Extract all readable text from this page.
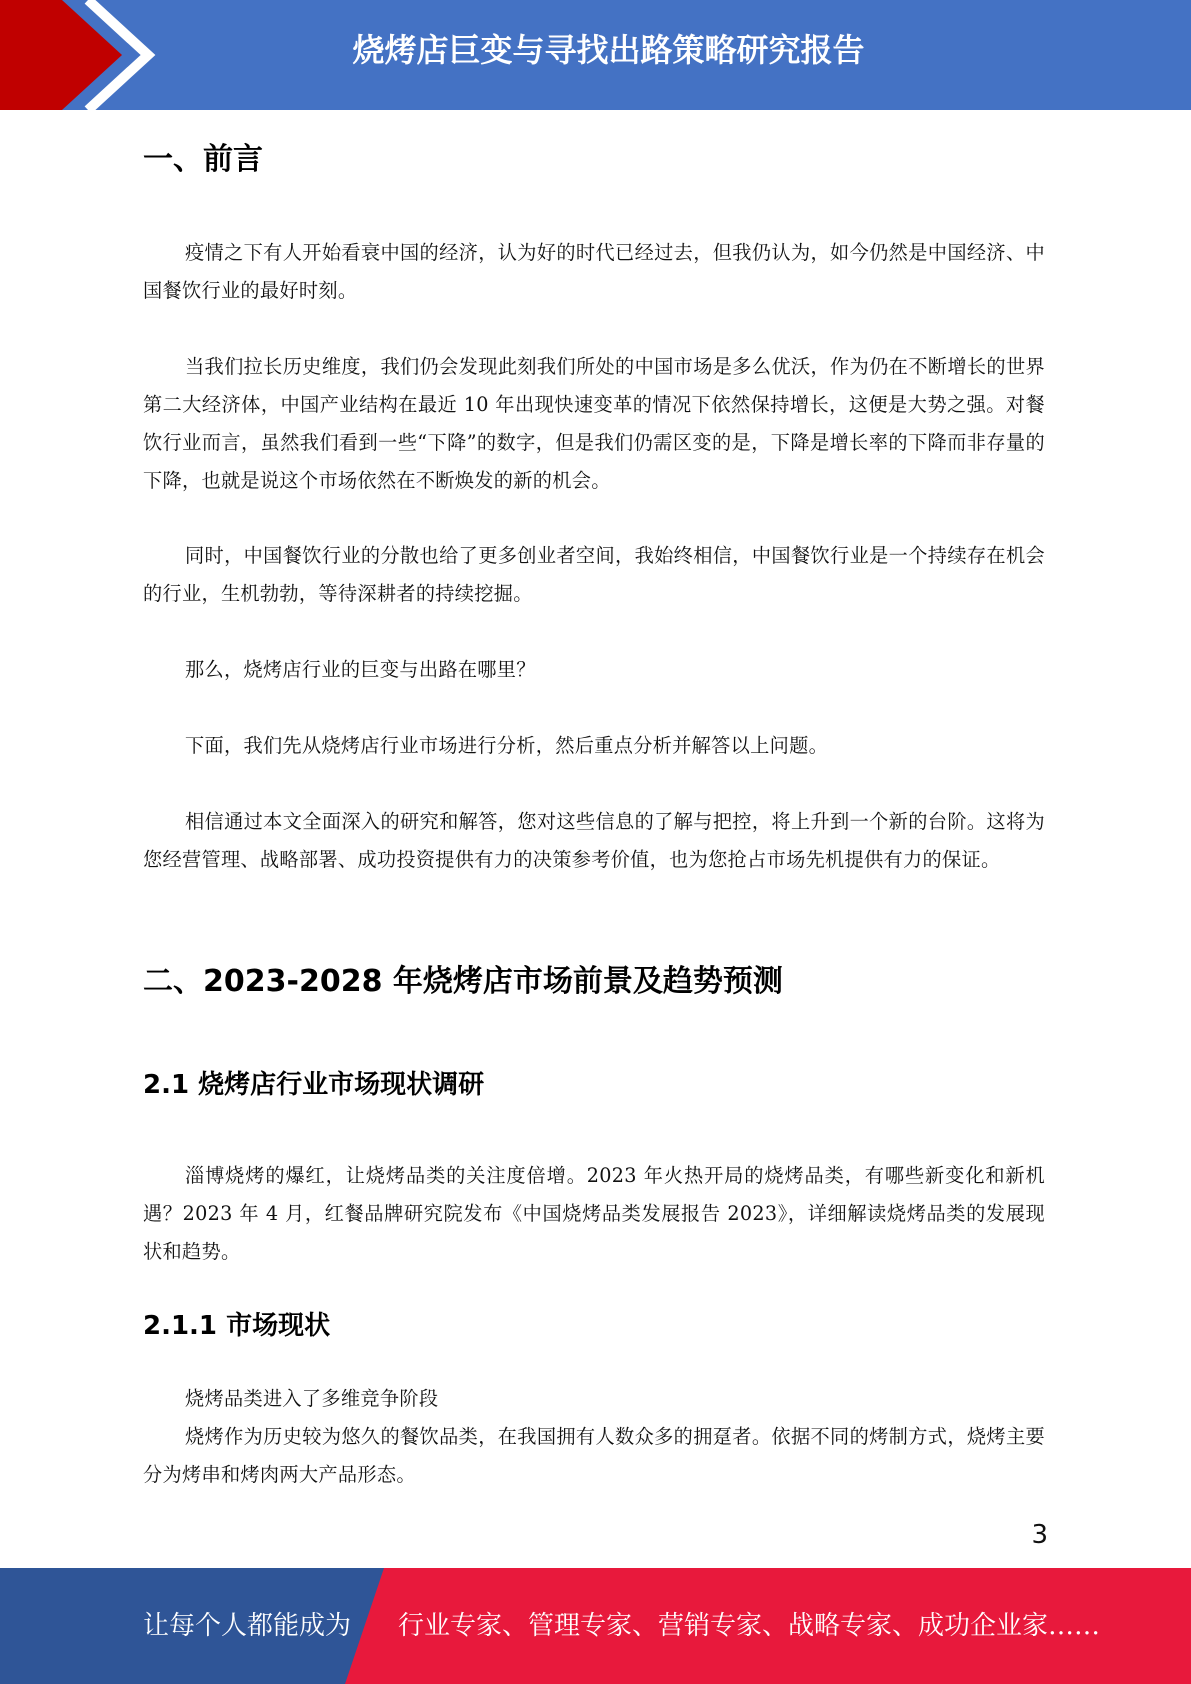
烧烤店巨变与寻找出路策略研究报告
一、前言

疫情之下有人开始看衰中国的经济，认为好的时代已经过去，但我仍认为，如今仍然是中国经济、中国餐饮行业的最好时刻。

当我们拉长历史维度，我们仍会发现此刻我们所处的中国市场是多么优沃，作为仍在不断增长的世界第二大经济体，中国产业结构在最近 10 年出现快速变革的情况下依然保持增长，这便是大势之强。对餐饮行业而言，虽然我们看到一些“下降”的数字，但是我们仍需区变的是，下降是增长率的下降而非存量的下降，也就是说这个市场依然在不断焕发的新的机会。

同时，中国餐饮行业的分散也给了更多创业者空间，我始终相信，中国餐饮行业是一个持续存在机会的行业，生机勃勃，等待深耕者的持续挖掘。

那么，烧烤店行业的巨变与出路在哪里？

下面，我们先从烧烤店行业市场进行分析，然后重点分析并解答以上问题。

相信通过本文全面深入的研究和解答，您对这些信息的了解与把控，将上升到一个新的台阶。这将为您经营管理、战略部署、成功投资提供有力的决策参考价值，也为您抢占市场先机提供有力的保证。

二、2023-2028 年烧烤店市场前景及趋势预测
2.1 烧烤店行业市场现状调研

淄博烧烤的爆红，让烧烤品类的关注度倍增。2023 年火热开局的烧烤品类，有哪些新变化和新机遇？2023 年 4 月，红餐品牌研究院发布《中国烧烤品类发展报告 2023》，详细解读烧烤品类的发展现状和趋势。

2.1.1 市场现状

烧烤品类进入了多维竞争阶段

烧烤作为历史较为悠久的餐饮品类，在我国拥有人数众多的拥趸者。依据不同的烤制方式，烧烤主要分为烤串和烤肉两大产品形态。

3
让每个人都能成为 行业专家、管理专家、营销专家、战略专家、成功企业家……
